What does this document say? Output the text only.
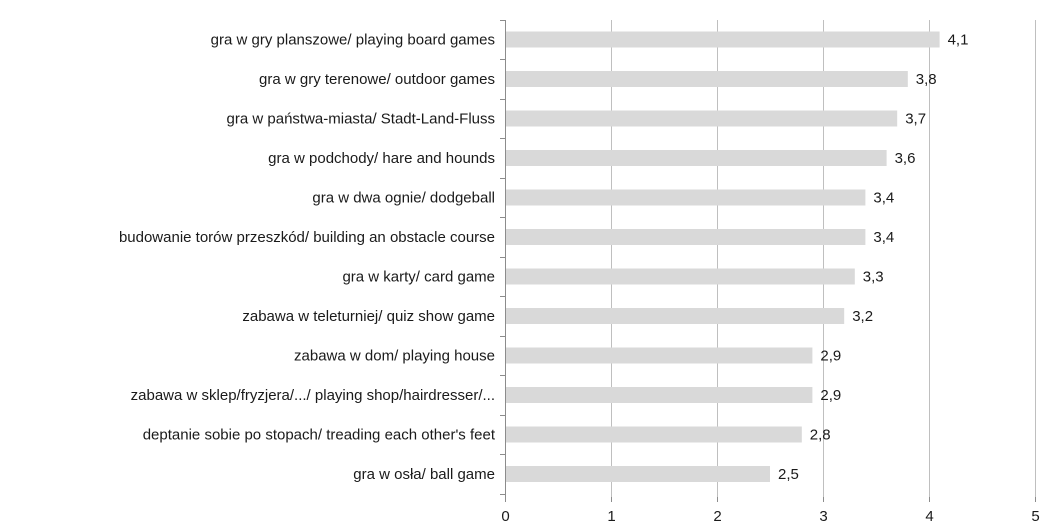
0	1	2	3	4	5
gra w gry planszowe/ playing board games	4,1
gra w gry terenowe/ outdoor games	3,8
gra w państwa-miasta/ Stadt-Land-Fluss	3,7
gra w podchody/ hare and hounds	3,6
gra w dwa ognie/ dodgeball	3,4
budowanie torów przeszkód/ building an obstacle course	3,4
gra w karty/ card game	3,3
zabawa w teleturniej/ quiz show game	3,2
zabawa w dom/ playing house	2,9
zabawa w sklep/fryzjera/.../ playing shop/hairdresser/...	2,9
deptanie sobie po stopach/ treading each other's feet	2,8
gra w osła/ ball game	2,5
